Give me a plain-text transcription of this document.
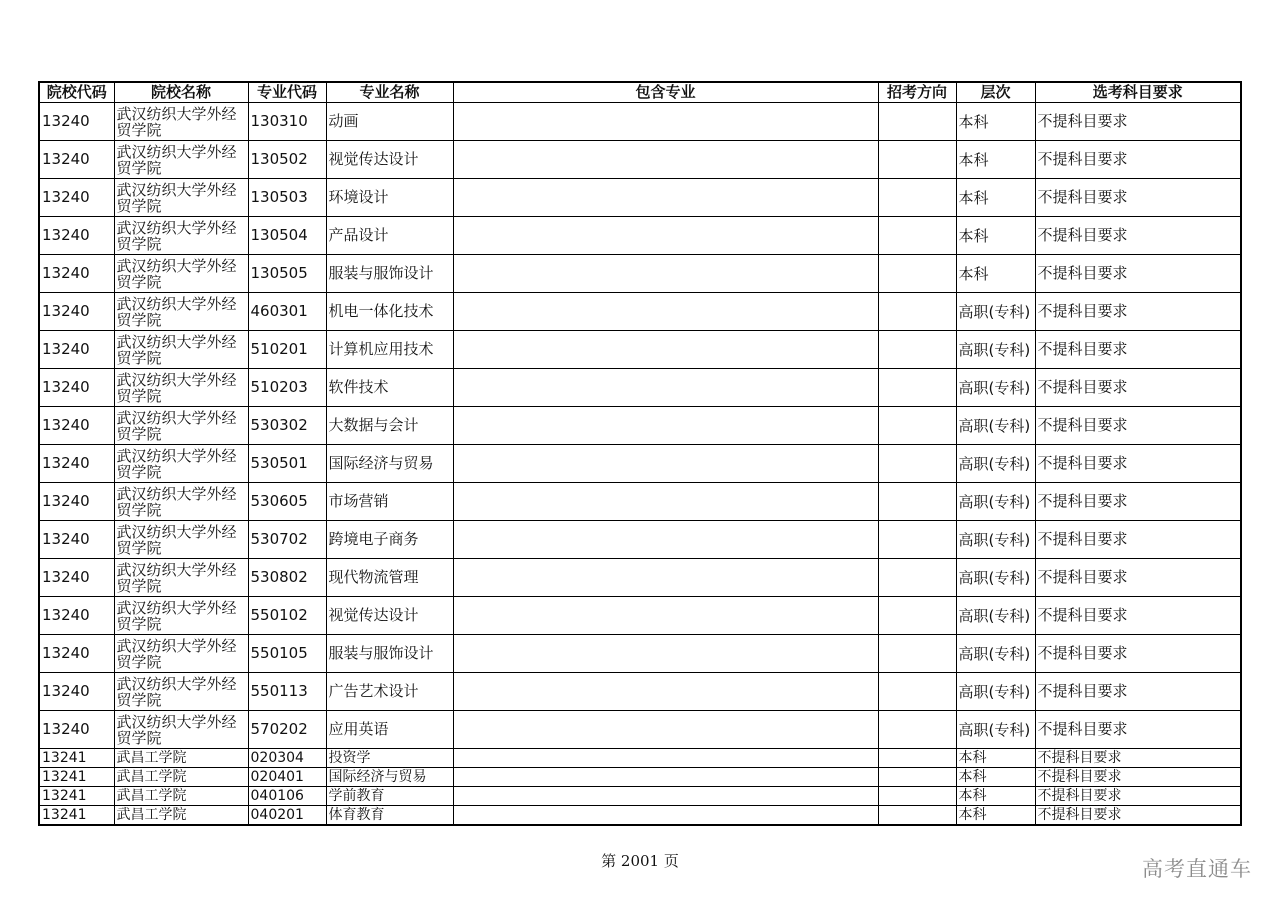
院校代码	院校名称	专业代码	专业名称	包含专业	招考方向	层次	选考科目要求
13240	武汉纺织大学外经贸学院	130310	动画			本科	不提科目要求
13240	武汉纺织大学外经贸学院	130502	视觉传达设计			本科	不提科目要求
13240	武汉纺织大学外经贸学院	130503	环境设计			本科	不提科目要求
13240	武汉纺织大学外经贸学院	130504	产品设计			本科	不提科目要求
13240	武汉纺织大学外经贸学院	130505	服装与服饰设计			本科	不提科目要求
13240	武汉纺织大学外经贸学院	460301	机电一体化技术			高职(专科)	不提科目要求
13240	武汉纺织大学外经贸学院	510201	计算机应用技术			高职(专科)	不提科目要求
13240	武汉纺织大学外经贸学院	510203	软件技术			高职(专科)	不提科目要求
13240	武汉纺织大学外经贸学院	530302	大数据与会计			高职(专科)	不提科目要求
13240	武汉纺织大学外经贸学院	530501	国际经济与贸易			高职(专科)	不提科目要求
13240	武汉纺织大学外经贸学院	530605	市场营销			高职(专科)	不提科目要求
13240	武汉纺织大学外经贸学院	530702	跨境电子商务			高职(专科)	不提科目要求
13240	武汉纺织大学外经贸学院	530802	现代物流管理			高职(专科)	不提科目要求
13240	武汉纺织大学外经贸学院	550102	视觉传达设计			高职(专科)	不提科目要求
13240	武汉纺织大学外经贸学院	550105	服装与服饰设计			高职(专科)	不提科目要求
13240	武汉纺织大学外经贸学院	550113	广告艺术设计			高职(专科)	不提科目要求
13240	武汉纺织大学外经贸学院	570202	应用英语			高职(专科)	不提科目要求
13241	武昌工学院	020304	投资学			本科	不提科目要求
13241	武昌工学院	020401	国际经济与贸易			本科	不提科目要求
13241	武昌工学院	040106	学前教育			本科	不提科目要求
13241	武昌工学院	040201	体育教育			本科	不提科目要求
第 2001 页	高考直通车
